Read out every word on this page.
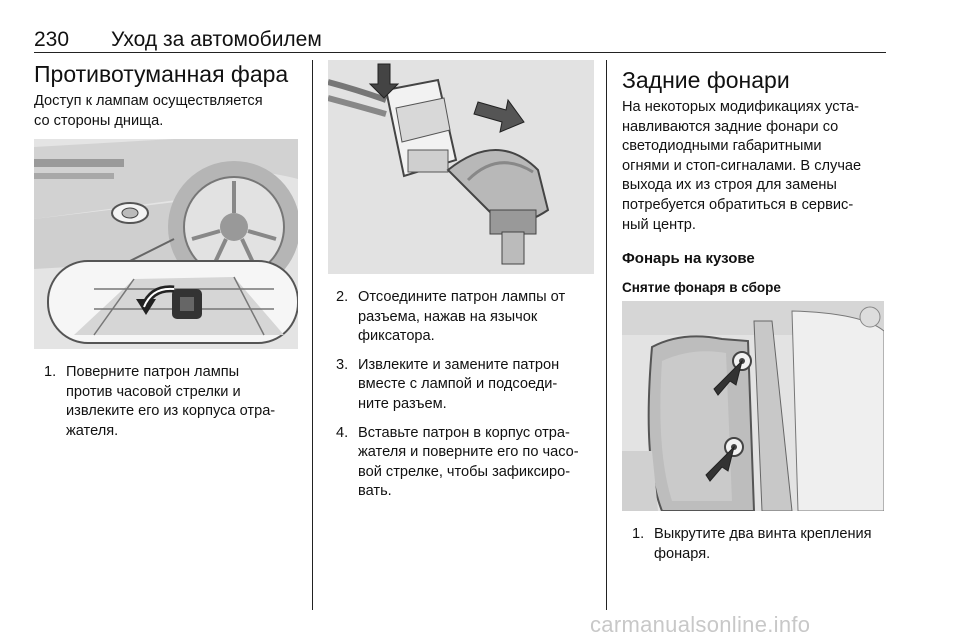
230 Уход за автомобилем
Противотуманная фара

Доступ к лампам осуществляется

со стороны днища.

1. Поверните патрон лампы

против часовой стрелки и

извлеките его из корпуса отра-

жателя.

2. Отсоедините патрон лампы от

разъема, нажав на язычок

фиксатора.

3. Извлеките и замените патрон

вместе с лампой и подсоеди-

ните разъем.

4. Вставьте патрон в корпус отра-

жателя и поверните его по часо-

вой стрелке, чтобы зафиксиро-

вать.

Задние фонари

На некоторых модификациях уста-

навливаются задние фонари со

светодиодными габаритными

огнями и стоп-сигналами. В случае

выхода их из строя для замены

потребуется обратиться в сервис-

ный центр.

Фонарь на кузове
Снятие фонаря в сборе
1. Выкрутите два винта крепления

фонаря.

carmanualsonline.info
